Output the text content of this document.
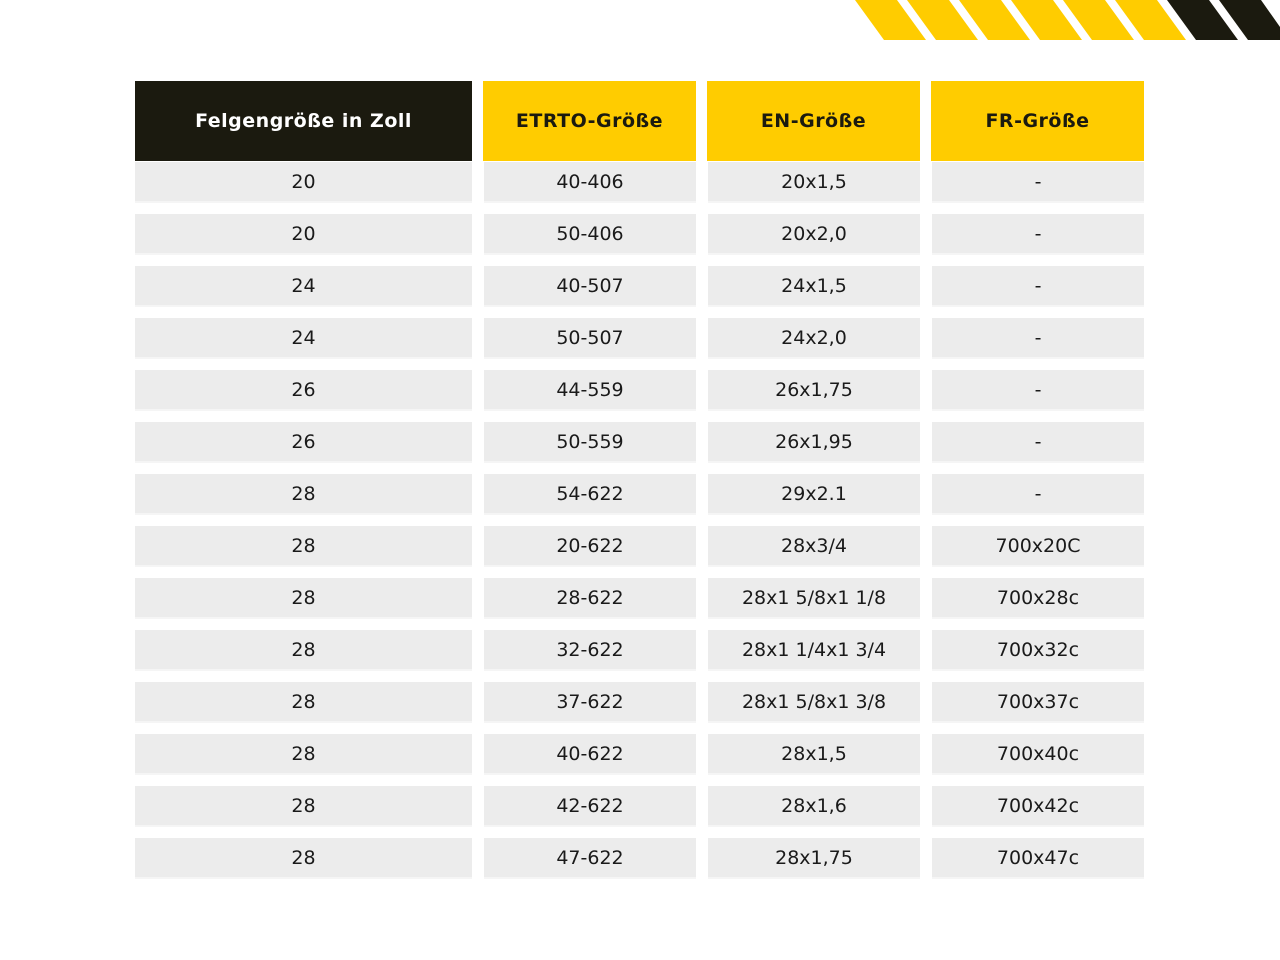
Felgengröße in Zoll	ETRTO-Größe	EN-Größe	FR-Größe
20	40-406	20x1,5	-
20	50-406	20x2,0	-
24	40-507	24x1,5	-
24	50-507	24x2,0	-
26	44-559	26x1,75	-
26	50-559	26x1,95	-
28	54-622	29x2.1	-
28	20-622	28x3/4	700x20C
28	28-622	28x1 5/8x1 1/8	700x28c
28	32-622	28x1 1/4x1 3/4	700x32c
28	37-622	28x1 5/8x1 3/8	700x37c
28	40-622	28x1,5	700x40c
28	42-622	28x1,6	700x42c
28	47-622	28x1,75	700x47c
